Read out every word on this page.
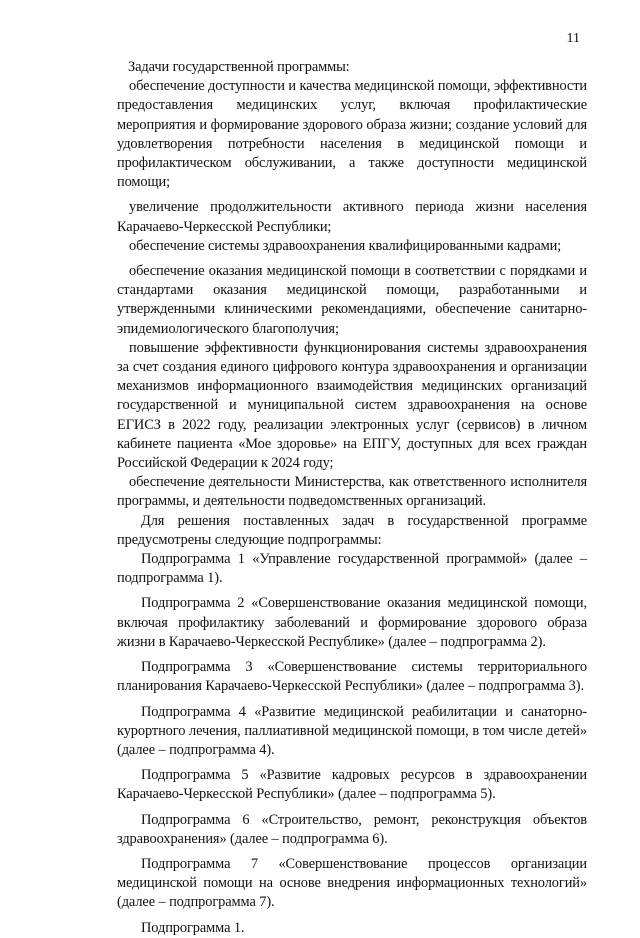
11

Задачи государственной программы:

обеспечение доступности и качества медицинской помощи, эффективности предоставления медицинских услуг, включая профилактические мероприятия и формирование здорового образа жизни; создание условий для удовлетворения потребности населения в медицинской помощи и профилактическом обслуживании, а также доступности медицинской помощи;

увеличение продолжительности активного периода жизни населения Карачаево-Черкесской Республики;

обеспечение системы здравоохранения квалифицированными кадрами;

обеспечение оказания медицинской помощи в соответствии с порядками и стандартами оказания медицинской помощи, разработанными и утвержденными клиническими рекомендациями, обеспечение санитарно-эпидемиологического благополучия;

повышение эффективности функционирования системы здравоохранения за счет создания единого цифрового контура здравоохранения и организации механизмов информационного взаимодействия медицинских организаций государственной и муниципальной систем здравоохранения на основе ЕГИСЗ в 2022 году, реализации электронных услуг (сервисов) в личном кабинете пациента «Мое здоровье» на ЕПГУ, доступных для всех граждан Российской Федерации к 2024 году;

обеспечение деятельности Министерства, как ответственного исполнителя программы, и деятельности подведомственных организаций.

Для решения поставленных задач в государственной программе предусмотрены следующие подпрограммы:

Подпрограмма 1 «Управление государственной программой» (далее – подпрограмма 1).

Подпрограмма 2 «Совершенствование оказания медицинской помощи, включая профилактику заболеваний и формирование здорового образа жизни в Карачаево-Черкесской Республике» (далее – подпрограмма 2).

Подпрограмма 3 «Совершенствование системы территориального планирования Карачаево-Черкесской Республики» (далее – подпрограмма 3).

Подпрограмма 4 «Развитие медицинской реабилитации и санаторно-курортного лечения, паллиативной медицинской помощи, в том числе детей» (далее – подпрограмма 4).

Подпрограмма 5 «Развитие кадровых ресурсов в здравоохранении Карачаево-Черкесской Республики» (далее – подпрограмма 5).

Подпрограмма 6 «Строительство, ремонт, реконструкция объектов здравоохранения» (далее – подпрограмма 6).

Подпрограмма 7 «Совершенствование процессов организации медицинской помощи на основе внедрения информационных технологий» (далее – подпрограмма 7).

Подпрограмма 1.
